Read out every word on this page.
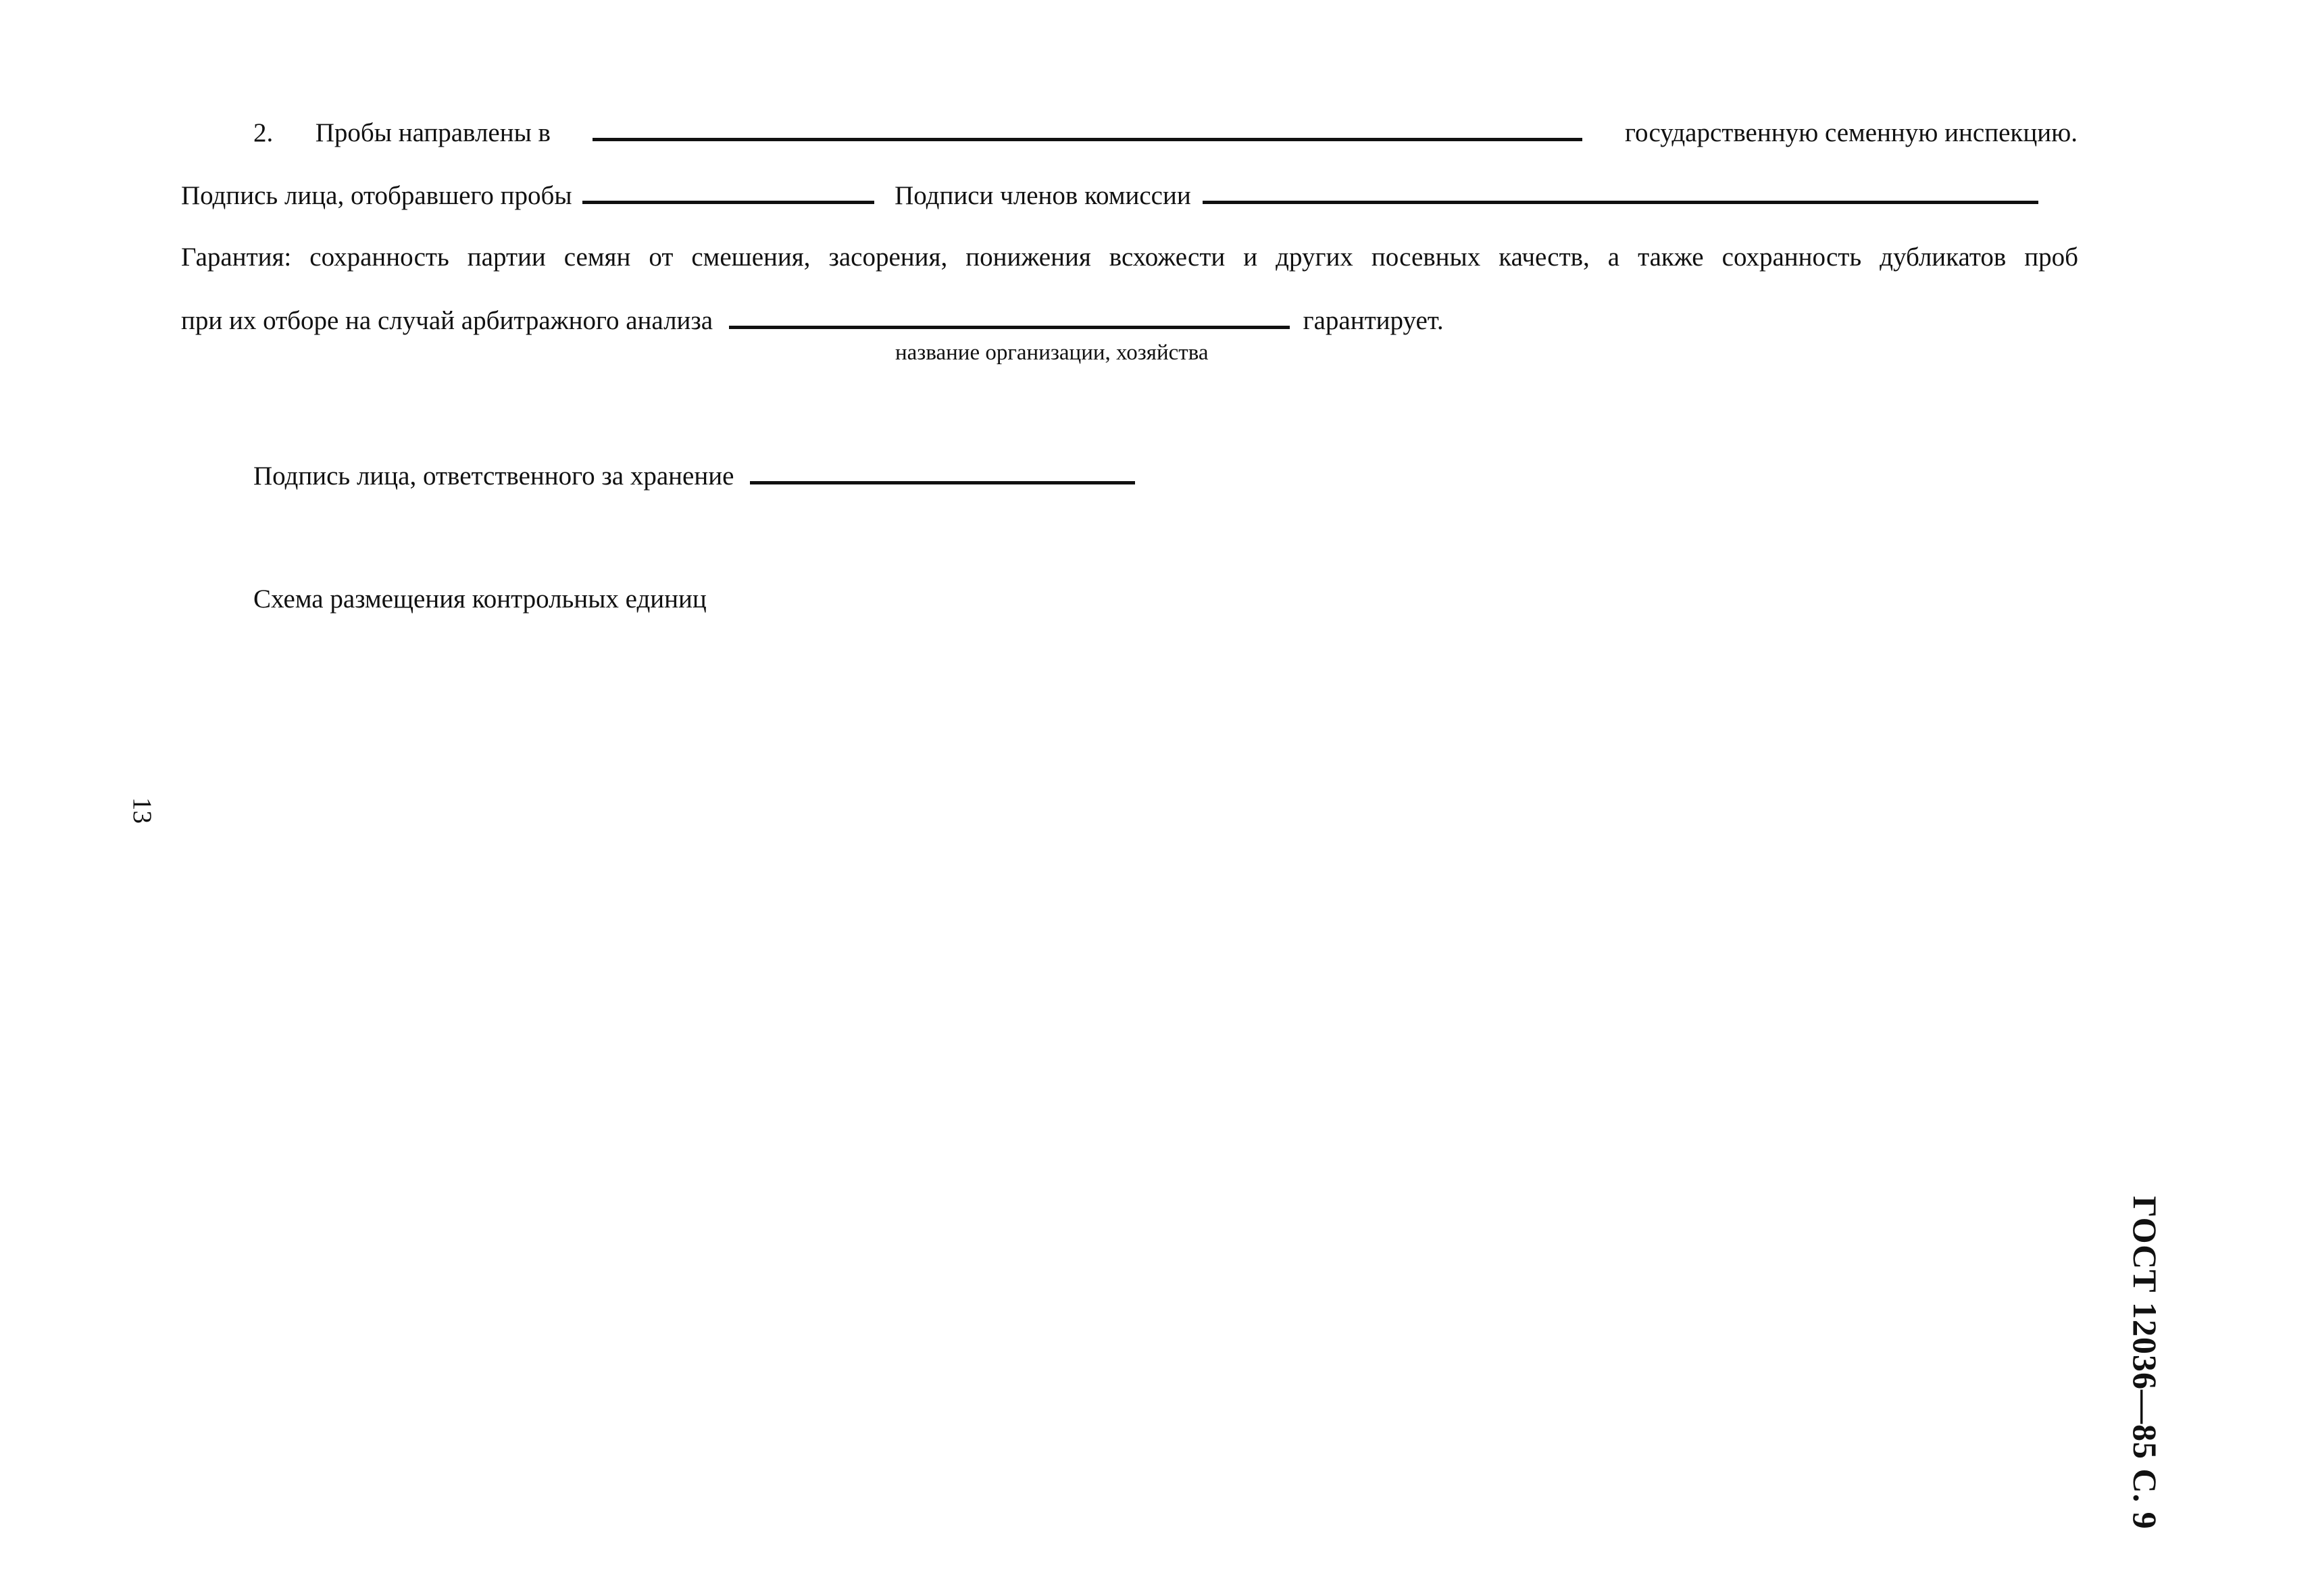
2. Пробы направлены в	государственную семенную инспекцию.
Подпись лица, отобравшего пробы	Подписи членов комиссии
Гарантия: сохранность партии семян от смешения, засорения, понижения всхожести и других посевных качеств, а также сохранность дубликатов проб
при их отборе на случай арбитражного анализа	гарантирует.
название организации, хозяйства
Подпись лица, ответственного за хранение
Схема размещения контрольных единиц
13
ГОСТ 12036—85 С. 9
